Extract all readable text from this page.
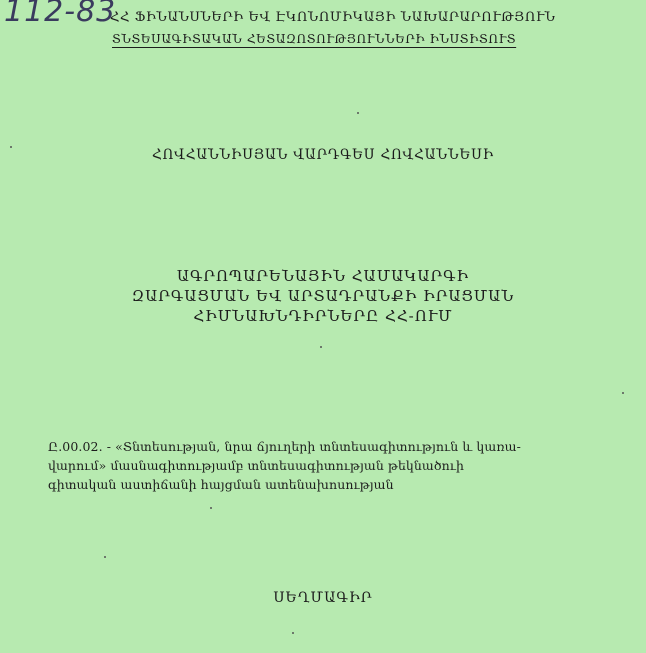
112-83
ՀՀ ՖԻՆԱՆՍՆԵՐԻ ԵՎ ԷԿՈՆՈՄԻԿԱՅԻ ՆԱԽԱՐԱՐՈՒԹՅՈՒՆ
ՏՆՏԵՍԱԳԻՏԱԿԱՆ ՀԵՏԱԶՈՏՈՒԹՅՈՒՆՆԵՐԻ ԻՆՍՏԻՏՈՒՏ
ՀՈՎՀԱՆՆԻՍՅԱՆ ՎԱՐԴԳԵՍ ՀՈՎՀԱՆՆԵՍԻ
ԱԳՐՈՊԱՐԵՆԱՅԻՆ ՀԱՄԱԿԱՐԳԻ
ԶԱՐԳԱՑՄԱՆ ԵՎ ԱՐՏԱԴՐԱՆՔԻ ԻՐԱՑՄԱՆ
ՀԻՄՆԱԽՆԴԻՐՆԵՐԸ ՀՀ-ՈՒՄ
Ը.00.02. - «Տնտեսության, նրա ճյուղերի տնտեսագիտություն և կառա-
վարում» մասնագիտությամբ տնտեսագիտության թեկնածուի
գիտական աստիճանի հայցման ատենախոսության
ՍԵՂՄԱԳԻՐ
